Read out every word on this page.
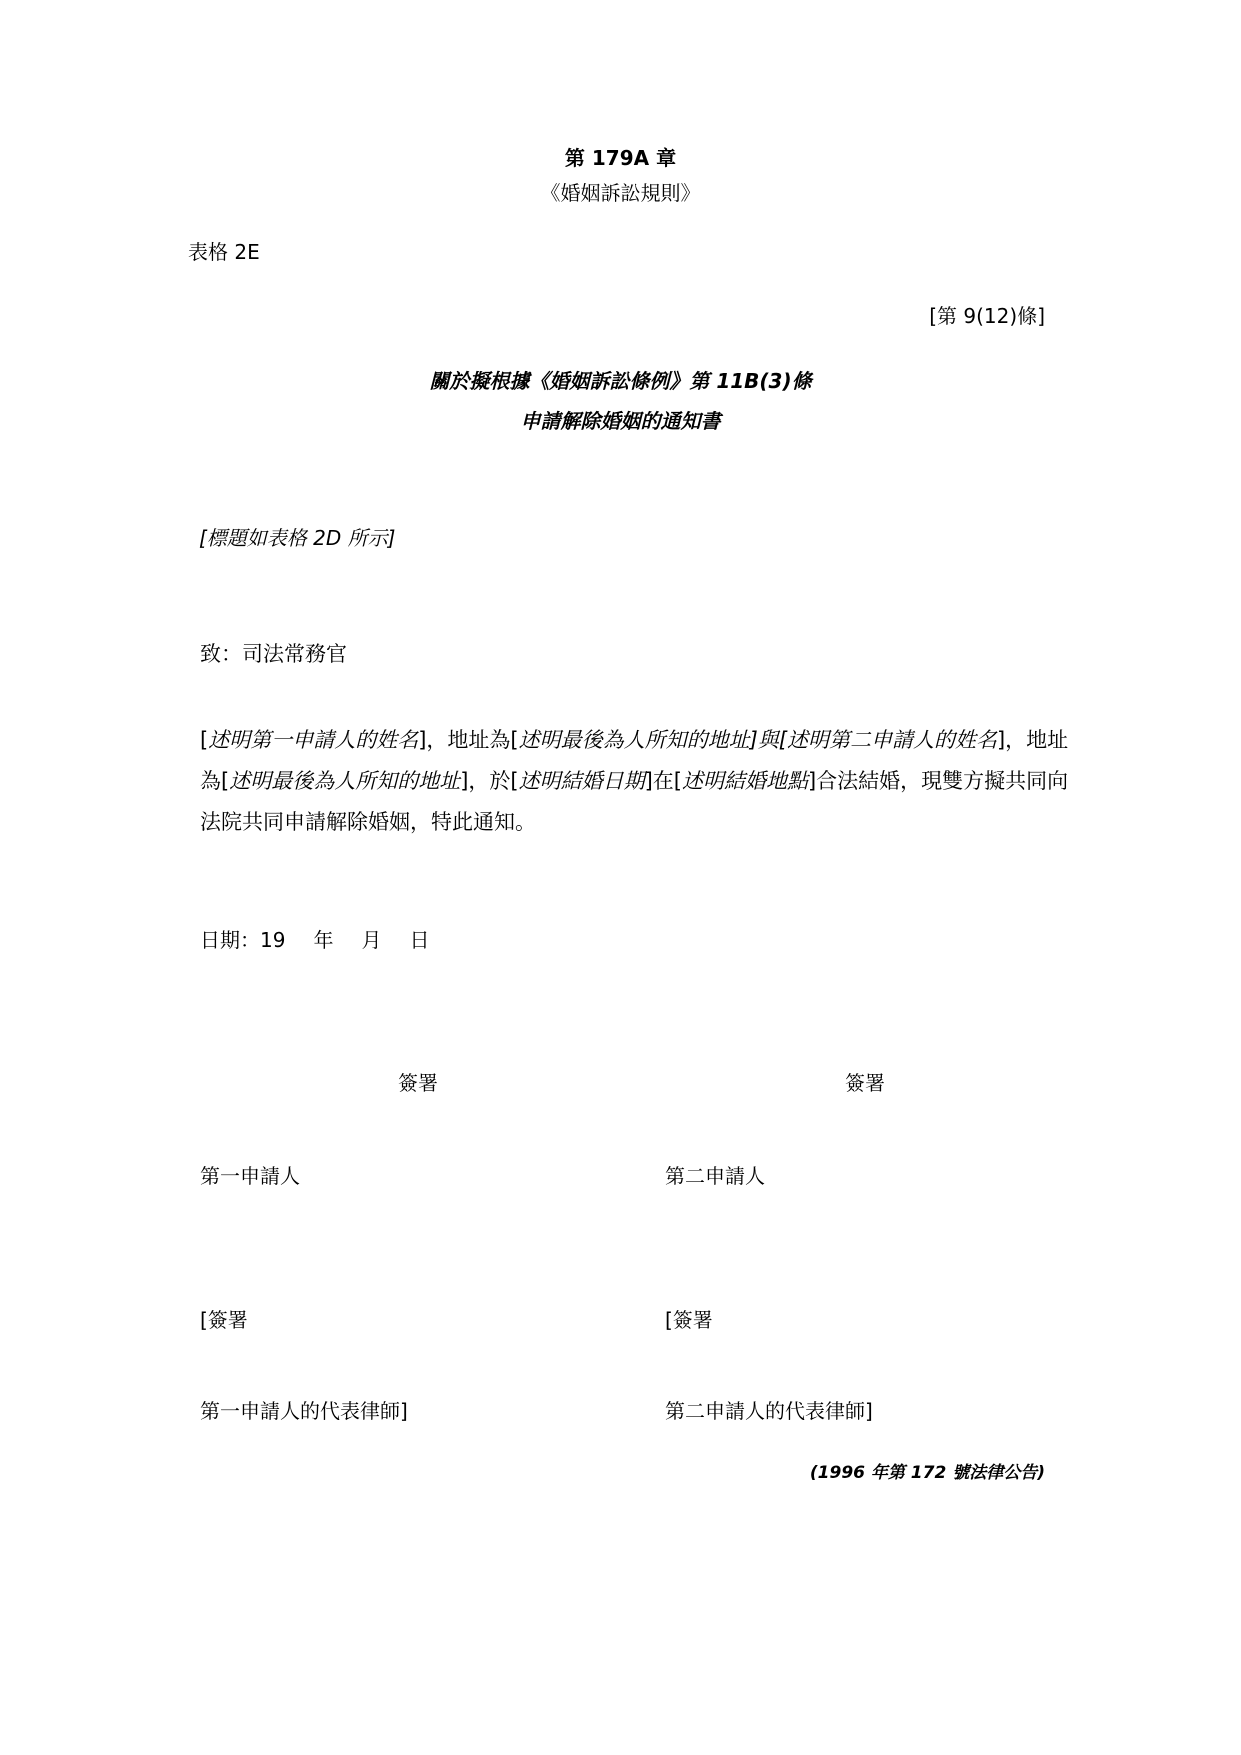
第 179A 章
《婚姻訴訟規則》
表格 2E
[第 9(12)條]
關於擬根據《婚姻訴訟條例》第 11B(3)條
申請解除婚姻的通知書
[標題如表格 2D 所示]
致：司法常務官
[述明第一申請人的姓名]，地址為[述明最後為人所知的地址]與[述明第二申請人的姓名]，地址為[述明最後為人所知的地址]，於[述明結婚日期]在[述明結婚地點]合法結婚，現雙方擬共同向法院共同申請解除婚姻，特此通知。
日期：19 年 月 日
簽署	簽署
第一申請人	第二申請人
[簽署	[簽署
第一申請人的代表律師]	第二申請人的代表律師]
(1996 年第 172 號法律公告)
